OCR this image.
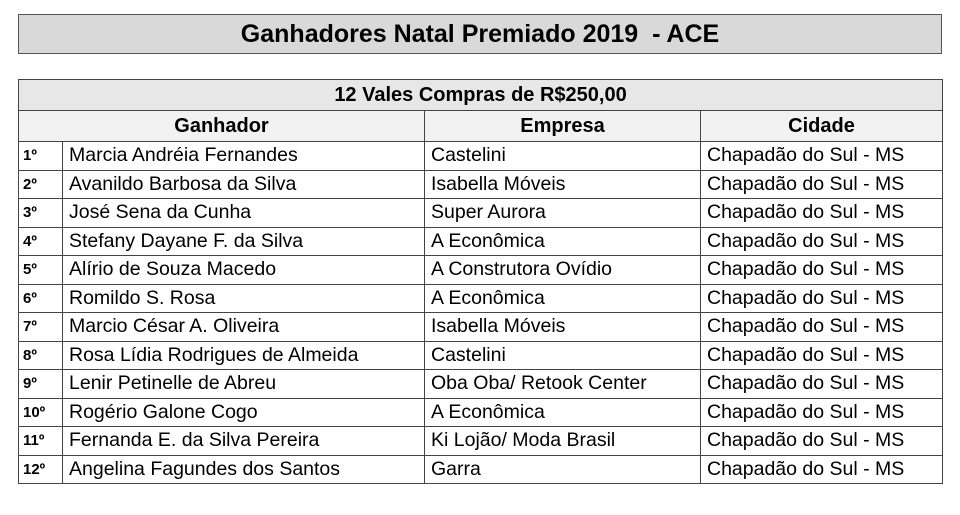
Ganhadores Natal Premiado 2019  - ACE
12 Vales Compras de R$250,00			
Ganhador		Empresa	Cidade
1º	Marcia Andréia Fernandes	Castelini	Chapadão do Sul - MS
2º	Avanildo Barbosa da Silva	Isabella Móveis	Chapadão do Sul - MS
3º	José Sena da Cunha	Super Aurora	Chapadão do Sul - MS
4º	Stefany Dayane F. da Silva	A Econômica	Chapadão do Sul - MS
5º	Alírio de Souza Macedo	A Construtora Ovídio	Chapadão do Sul - MS
6º	Romildo S. Rosa	A Econômica	Chapadão do Sul - MS
7º	Marcio César A. Oliveira	Isabella Móveis	Chapadão do Sul - MS
8º	Rosa Lídia Rodrigues de Almeida	Castelini	Chapadão do Sul - MS
9º	Lenir Petinelle de Abreu	Oba Oba/ Retook Center	Chapadão do Sul - MS
10º	Rogério Galone Cogo	A Econômica	Chapadão do Sul - MS
11º	Fernanda E. da Silva Pereira	Ki Lojão/ Moda Brasil	Chapadão do Sul - MS
12º	Angelina Fagundes dos Santos	Garra	Chapadão do Sul - MS
